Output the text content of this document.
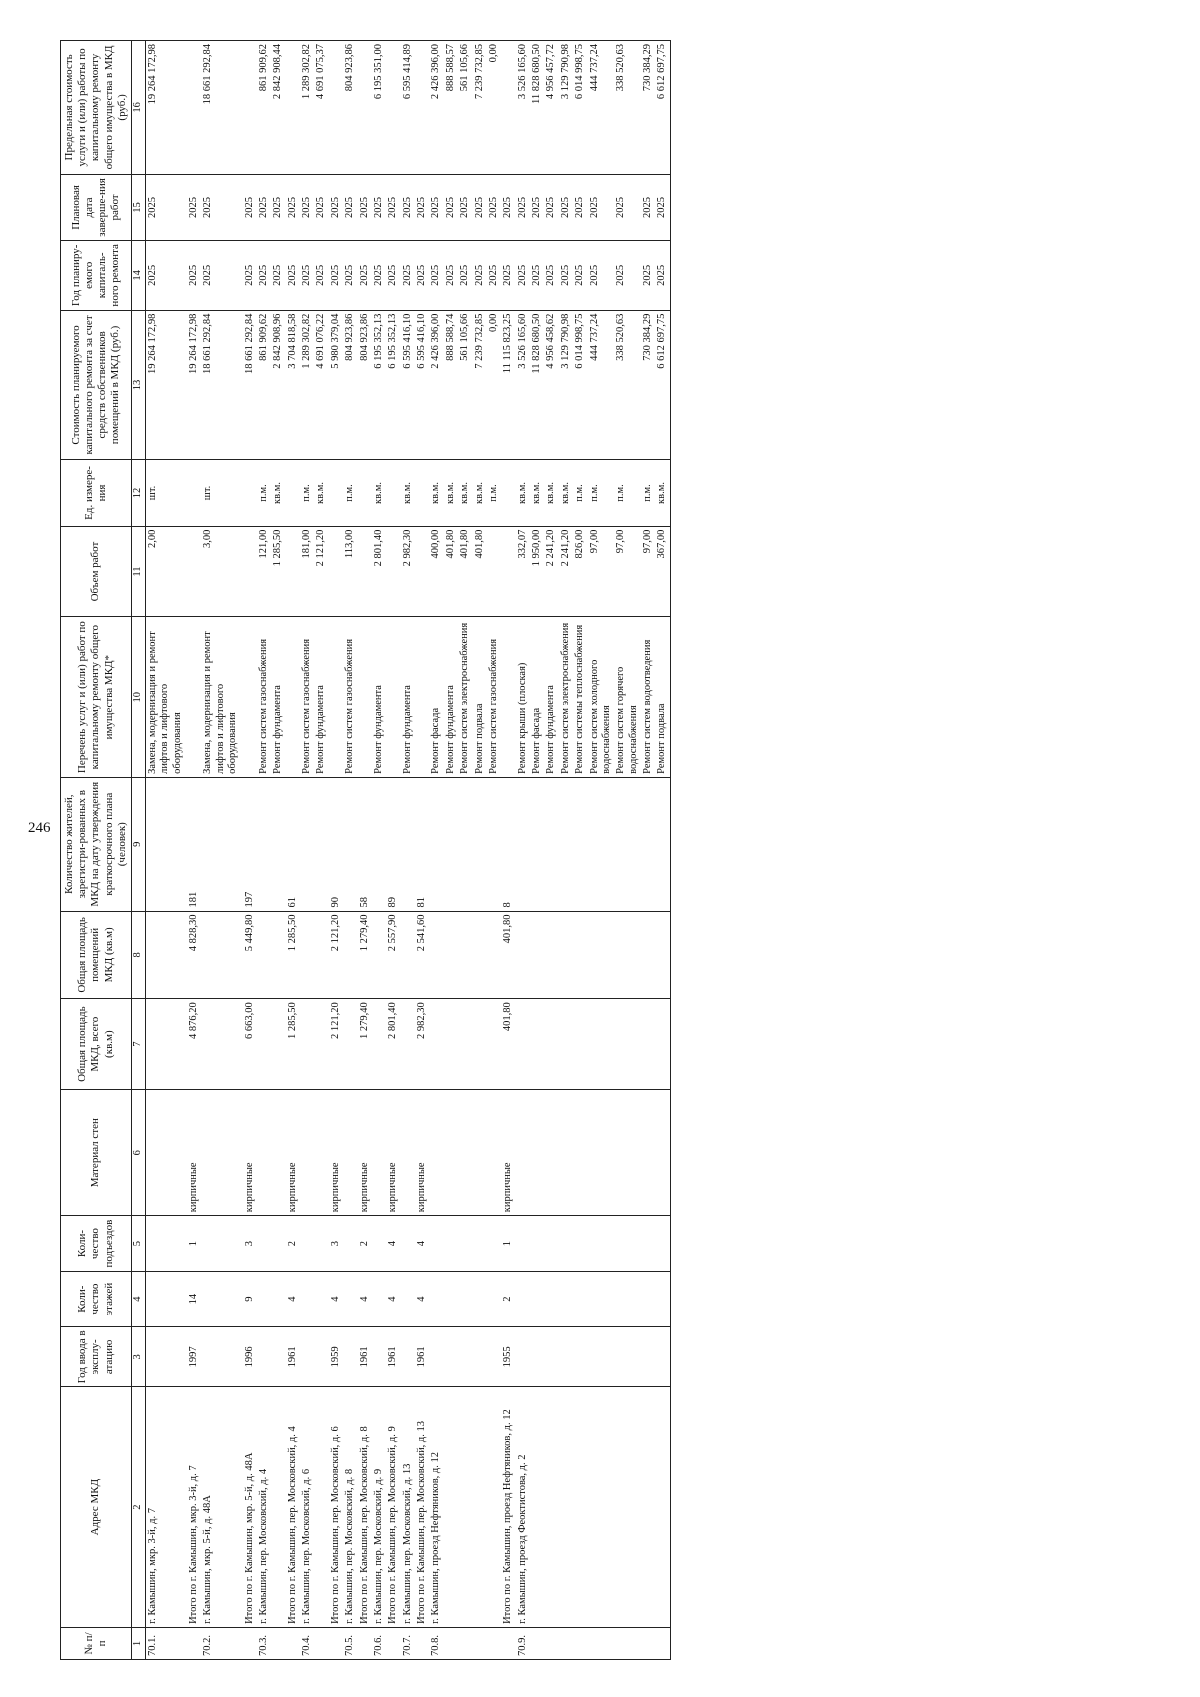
246
№ п/п	Адрес МКД	Год ввода в эксплу-атацию	Коли-чество этажей	Коли-чество подъездов	Материал стен	Общая площадь МКД, всего (кв.м)	Общая площадь помещений МКД (кв.м)	Количество жителей, зарегистри-рованных в МКД на дату утверждения краткосрочного плана (человек)	Перечень услуг и (или) работ по капитальному ремонту общего имущества МКД*	Объем работ	Ед. измере-ния	Стоимость планируемого капитального ремонта за счет средств собственников помещений в МКД (руб.)	Год планиру-емого капиталь-ного ремонта	Плановая дата заверше-ния работ	Предельная стоимость услуги и (или) работы по капитальному ремонту общего имущества в МКД (руб.)
1	2	3	4	5	6	7	8	9	10	11	12	13	14	15	16
70.1.	г. Камышин, мкр. 3-й, д. 7								Замена, модернизация и ремонт лифтов и лифтового оборудования	2,00	шт.	19 264 172,98	2025	2025	19 264 172,98

	Итого по г. Камышин, мкр. 3-й, д. 7	1997	14	1	кирпичные	4 876,20	4 828,30	181				19 264 172,98	2025	2025	
70.2.	г. Камышин, мкр. 5-й, д. 48А								Замена, модернизация и ремонт лифтов и лифтового оборудования	3,00	шт.	18 661 292,84	2025	2025	18 661 292,84

	Итого по г. Камышин, мкр. 5-й, д. 48А	1996	9	3	кирпичные	6 663,00	5 449,80	197				18 661 292,84	2025	2025	
70.3.	г. Камышин, пер. Московский, д. 4								Ремонт систем газоснабжения	121,00	п.м.	861 909,62	2025	2025	861 909,62
									Ремонт фундамента	1 285,50	кв.м.	2 842 908,96	2025	2025	2 842 908,44
	Итого по г. Камышин, пер. Московский, д. 4	1961	4	2	кирпичные	1 285,50	1 285,50	61				3 704 818,58	2025	2025	
70.4.	г. Камышин, пер. Московский, д. 6								Ремонт систем газоснабжения	181,00	п.м.	1 289 302,82	2025	2025	1 289 302,82
									Ремонт фундамента	2 121,20	кв.м.	4 691 076,22	2025	2025	4 691 075,37
	Итого по г. Камышин, пер. Московский, д. 6	1959	4	3	кирпичные	2 121,20	2 121,20	90				5 980 379,04	2025	2025	
70.5.	г. Камышин, пер. Московский, д. 8								Ремонт систем газоснабжения	113,00	п.м.	804 923,86	2025	2025	804 923,86
	Итого по г. Камышин, пер. Московский, д. 8	1961	4	2	кирпичные	1 279,40	1 279,40	58				804 923,86	2025	2025	
70.6.	г. Камышин, пер. Московский, д. 9								Ремонт фундамента	2 801,40	кв.м.	6 195 352,13	2025	2025	6 195 351,00
	Итого по г. Камышин, пер. Московский, д. 9	1961	4	4	кирпичные	2 801,40	2 557,90	89				6 195 352,13	2025	2025	
70.7.	г. Камышин, пер. Московский, д. 13								Ремонт фундамента	2 982,30	кв.м.	6 595 416,10	2025	2025	6 595 414,89
	Итого по г. Камышин, пер. Московский, д. 13	1961	4	4	кирпичные	2 982,30	2 541,60	81				6 595 416,10	2025	2025	
70.8.	г. Камышин, проезд Нефтяников, д. 12								Ремонт фасада	400,00	кв.м.	2 426 396,00	2025	2025	2 426 396,00
									Ремонт фундамента	401,80	кв.м.	888 588,74	2025	2025	888 588,57
									Ремонт систем электроснабжения	401,80	кв.м.	561 105,66	2025	2025	561 105,66
									Ремонт подвала	401,80	кв.м.	7 239 732,85	2025	2025	7 239 732,85
									Ремонт систем газоснабжения		п.м.	0,00	2025	2025	0,00
	Итого по г. Камышин, проезд Нефтяников, д. 12	1955	2	1	кирпичные	401,80	401,80	8				11 115 823,25	2025	2025	
70.9.	г. Камышин, проезд Феоктистова, д. 2								Ремонт крыши (плоская)	332,07	кв.м.	3 526 165,60	2025	2025	3 526 165,60
									Ремонт фасада	1 950,00	кв.м.	11 828 680,50	2025	2025	11 828 680,50
									Ремонт фундамента	2 241,20	кв.м.	4 956 458,62	2025	2025	4 956 457,72
									Ремонт систем электроснабжения	2 241,20	кв.м.	3 129 790,98	2025	2025	3 129 790,98
									Ремонт системы теплоснабжения	826,00	п.м.	6 014 998,75	2025	2025	6 014 998,75
									Ремонт систем холодного водоснабжения	97,00	п.м.	444 737,24	2025	2025	444 737,24
									Ремонт систем горячего водоснабжения	97,00	п.м.	338 520,63	2025	2025	338 520,63
									Ремонт систем водоотведения	97,00	п.м.	730 384,29	2025	2025	730 384,29
									Ремонт подвала	367,00	кв.м.	6 612 697,75	2025	2025	6 612 697,75
